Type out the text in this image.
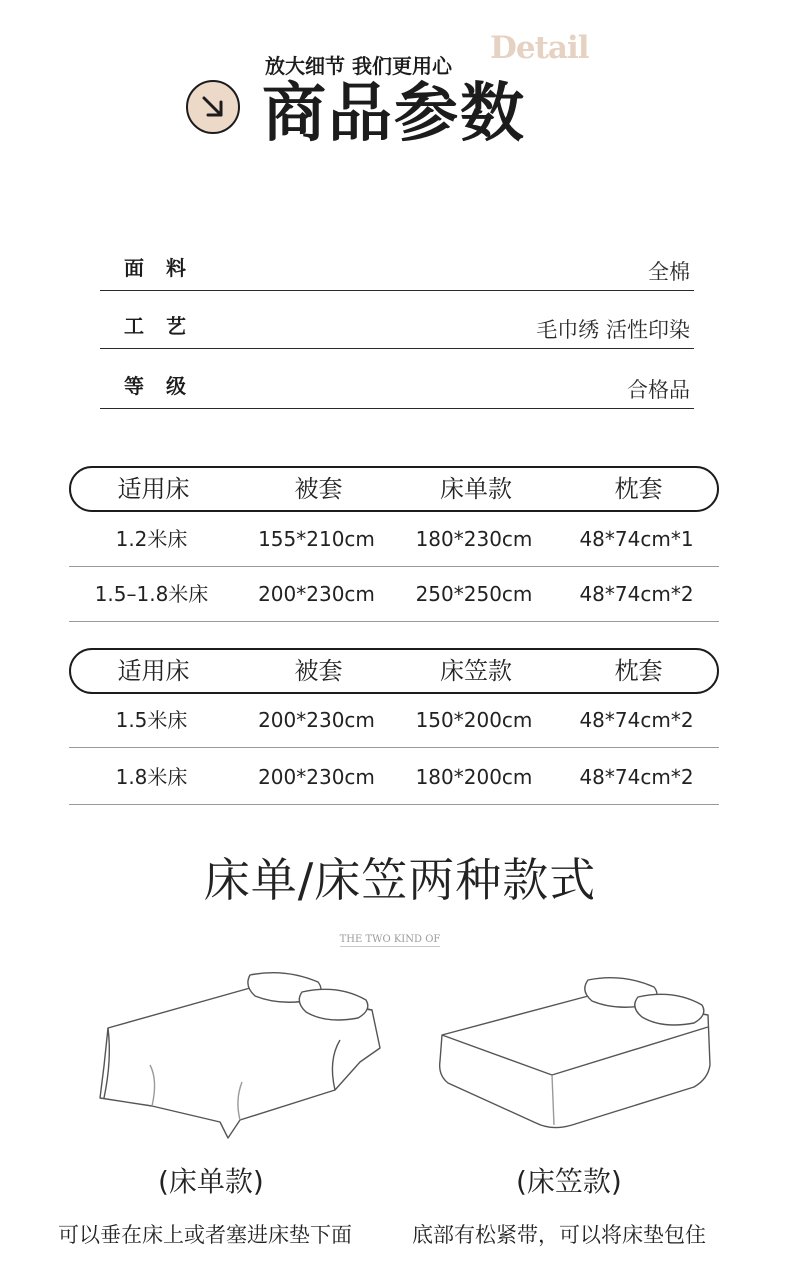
放大细节 我们更用心 Detail
商品参数
面料	全棉
工艺	毛巾绣 活性印染
等级	合格品
适用床	被套	床单款	枕套
1.2米床	155*210cm	180*230cm	48*74cm*1
1.5–1.8米床	200*230cm	250*250cm	48*74cm*2
适用床	被套	床笠款	枕套
1.5米床	200*230cm	150*200cm	48*74cm*2
1.8米床	200*230cm	180*200cm	48*74cm*2
床单/床笠两种款式
THE TWO KIND OF
(床单款)	(床笠款)
可以垂在床上或者塞进床垫下面	底部有松紧带，可以将床垫包住
